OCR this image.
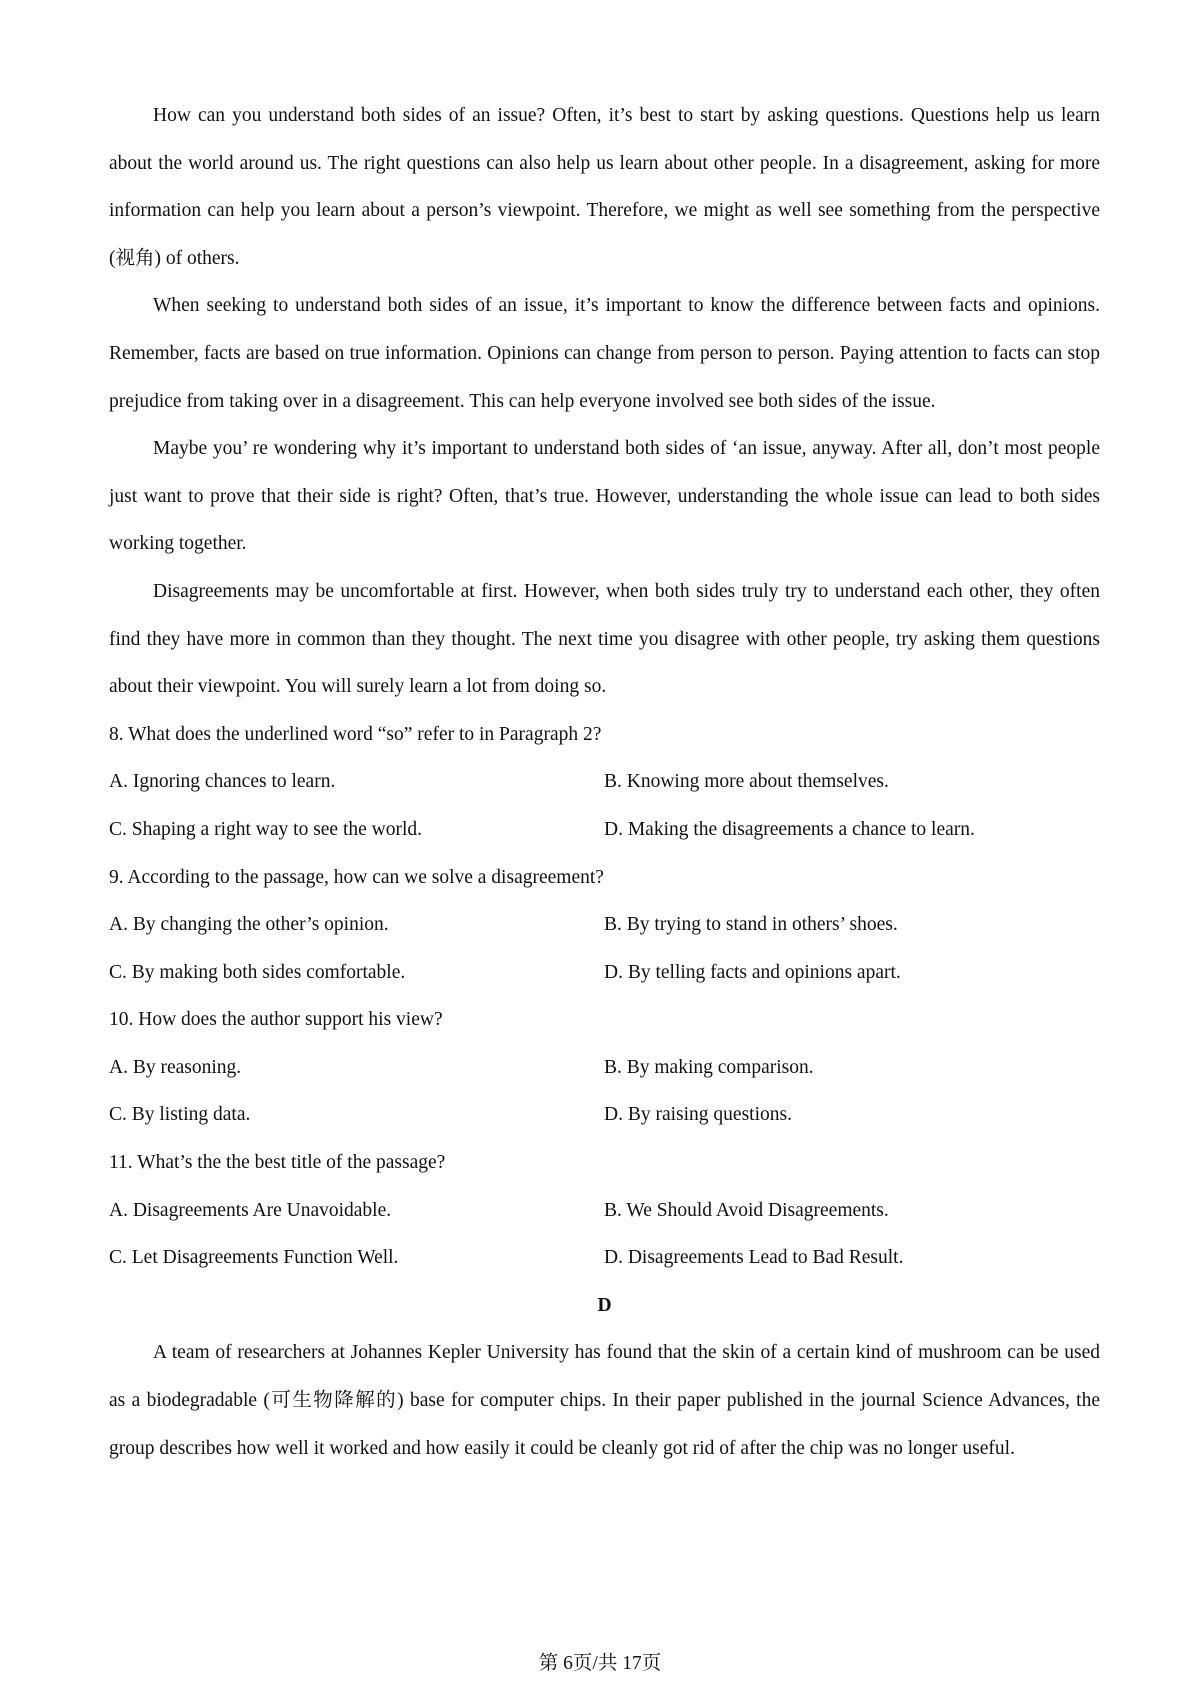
How can you understand both sides of an issue? Often, it’s best to start by asking questions. Questions help us learn about the world around us. The right questions can also help us learn about other people. In a disagreement, asking for more information can help you learn about a person’s viewpoint. Therefore, we might as well see something from the perspective (视角) of others.

When seeking to understand both sides of an issue, it’s important to know the difference between facts and opinions. Remember, facts are based on true information. Opinions can change from person to person. Paying attention to facts can stop prejudice from taking over in a disagreement. This can help everyone involved see both sides of the issue.

Maybe you’ re wondering why it’s important to understand both sides of ‘an issue, anyway. After all, don’t most people just want to prove that their side is right? Often, that’s true. However, understanding the whole issue can lead to both sides working together.

Disagreements may be uncomfortable at first. However, when both sides truly try to understand each other, they often find they have more in common than they thought. The next time you disagree with other people, try asking them questions about their viewpoint. You will surely learn a lot from doing so.

8. What does the underlined word “so” refer to in Paragraph 2?

A. Ignoring chances to learn.	B. Knowing more about themselves.
C. Shaping a right way to see the world.	D. Making the disagreements a chance to learn.

9. According to the passage, how can we solve a disagreement?

A. By changing the other’s opinion.	B. By trying to stand in others’ shoes.
C. By making both sides comfortable.	D. By telling facts and opinions apart.

10. How does the author support his view?

A. By reasoning.	B. By making comparison.
C. By listing data.	D. By raising questions.

11. What’s the the best title of the passage?

A. Disagreements Are Unavoidable.	B. We Should Avoid Disagreements.
C. Let Disagreements Function Well.	D. Disagreements Lead to Bad Result.

D

A team of researchers at Johannes Kepler University has found that the skin of a certain kind of mushroom can be used as a biodegradable (可生物降解的) base for computer chips. In their paper published in the journal Science Advances, the group describes how well it worked and how easily it could be cleanly got rid of after the chip was no longer useful.

第 6页/共 17页
